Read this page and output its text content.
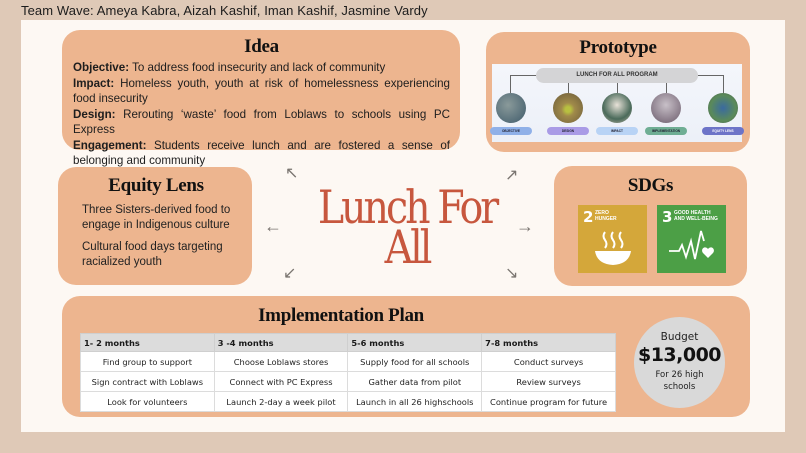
Team Wave: Ameya Kabra, Aizah Kashif, Iman Kashif, Jasmine Vardy
Idea
Objective: To address food insecurity and lack of community
Impact: Homeless youth, youth at risk of homelessness experiencing food insecurity
Design: Rerouting ‘waste’ food from Loblaws to schools using PC Express
Engagement: Students receive lunch and are fostered a sense of belonging and community
Prototype
LUNCH FOR ALL PROGRAM
OBJECTIVE	DESIGN	IMPACT	IMPLEMENTATION	EQUITY LENS
Equity Lens
Three Sisters-derived food to engage in Indigenous culture
Cultural food days targeting racialized youth
SDGs
2 ZERO
HUNGER	3 GOOD HEALTH
AND WELL-BEING
Lunch For
All
↖	↗
←	→
↙	↘
Implementation Plan
1- 2 months	3 -4 months	5-6 months	7-8 months
Find group to support	Choose Loblaws stores	Supply food for all schools	Conduct surveys
Sign contract with Loblaws	Connect with PC Express	Gather data from pilot	Review surveys
Look for volunteers	Launch 2-day a week pilot	Launch in all 26 highschools	Continue program for future
Budget
$13,000
For 26 high
schools
